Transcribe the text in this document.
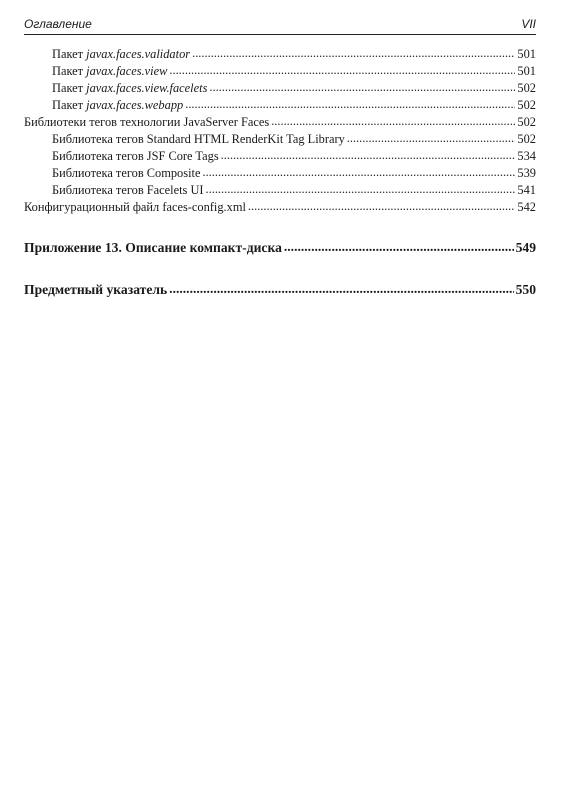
Оглавление	VII
Пакет javax.faces.validator .....	501
Пакет javax.faces.view .....	501
Пакет javax.faces.view.facelets .....	502
Пакет javax.faces.webapp .....	502
Библиотеки тегов технологии JavaServer Faces .....	502
Библиотека тегов Standard HTML RenderKit Tag Library .....	502
Библиотека тегов JSF Core Tags .....	534
Библиотека тегов Composite .....	539
Библиотека тегов Facelets UI .....	541
Конфигурационный файл faces-config.xml .....	542
Приложение 13. Описание компакт-диска .....	549
Предметный указатель .....	550
